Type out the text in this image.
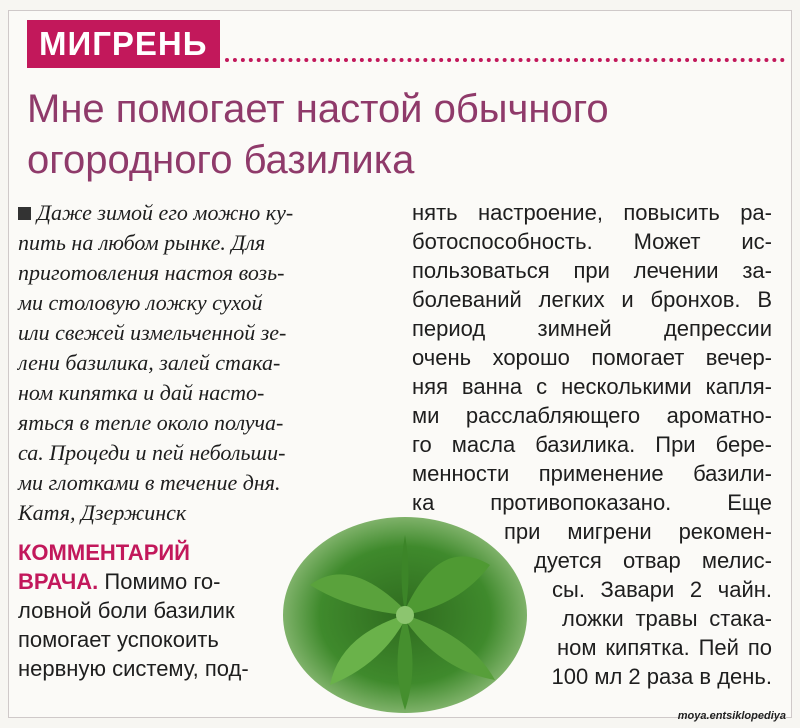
МИГРЕНЬ
Мне помогает настой обычного
огородного базилика
Даже зимой его можно ку-
пить на любом рынке. Для
приготовления настоя возь-
ми столовую ложку сухой
или свежей измельченной зе-
лени базилика, залей стака-
ном кипятка и дай насто-
яться в тепле около получа-
са. Процеди и пей небольши-
ми глотками в течение дня.
Катя, Дзержинск
КОММЕНТАРИЙ
ВРАЧА. Помимо го-
ловной боли базилик
помогает успокоить
нервную систему, под-
нять настроение, повысить ра-
ботоспособность. Может ис-
пользоваться при лечении за-
болеваний легких и бронхов. В
период зимней депрессии
очень хорошо помогает вечер-
няя ванна с несколькими капля-
ми расслабляющего ароматно-
го масла базилика. При бере-
менности применение базили-
ка противопоказано. Еще
при мигрени рекомен-
дуется отвар мелис-
сы. Завари 2 чайн.
ложки травы стака-
ном кипятка. Пей по
100 мл 2 раза в день.
moya.entsiklopediya
